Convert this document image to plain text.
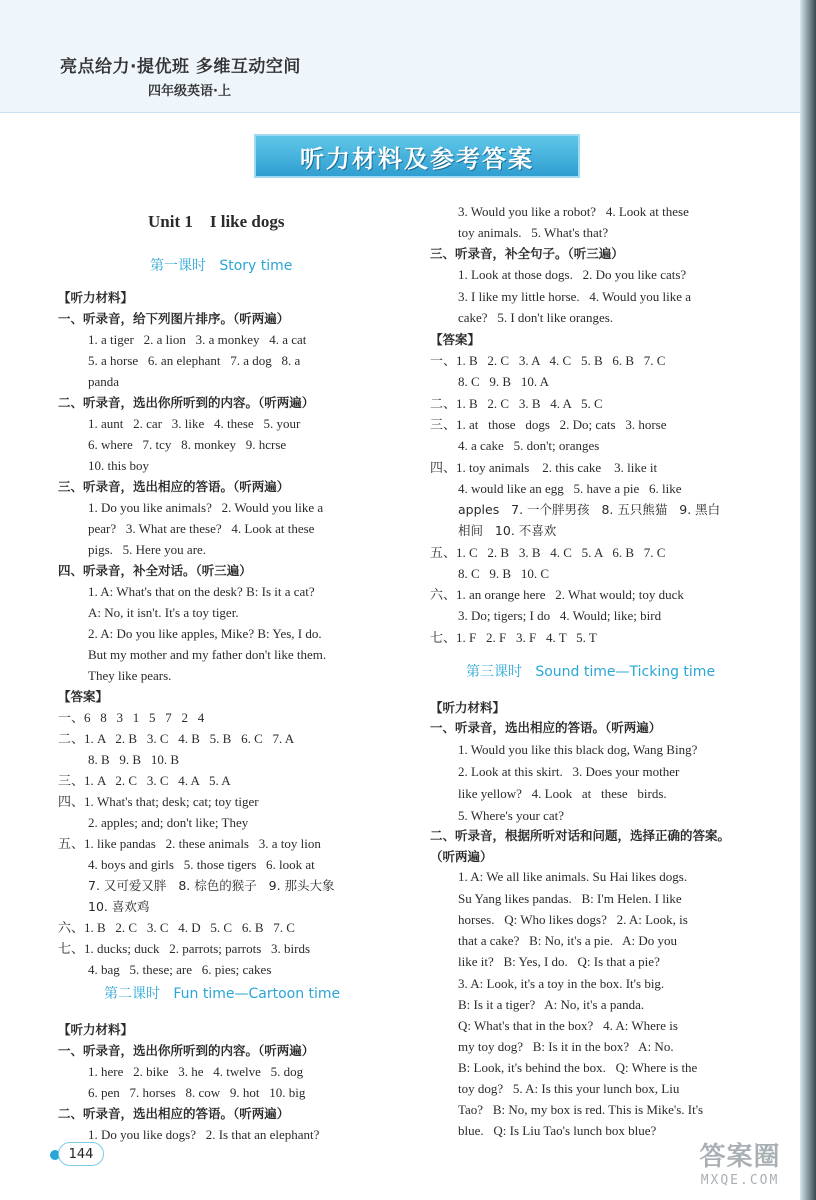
亮点给力·提优班 多维互动空间
四年级英语·上
听力材料及参考答案
Unit 1    I like dogs
第一课时   Story time
第二课时   Fun time—Cartoon time
第三课时   Sound time—Ticking time
【听力材料】
一、听录音，给下列图片排序。（听两遍）
1. a tiger   2. a lion   3. a monkey   4. a cat
5. a horse   6. an elephant   7. a dog   8. a
panda
二、听录音，选出你所听到的内容。（听两遍）
1. aunt   2. car   3. like   4. these   5. your
6. where   7. tcy   8. monkey   9. hcrse
10. this boy
三、听录音，选出相应的答语。（听两遍）
1. Do you like animals?   2. Would you like a
pear?   3. What are these?   4. Look at these
pigs.   5. Here you are.
四、听录音，补全对话。（听三遍）
1. A: What's that on the desk? B: Is it a cat?
A: No, it isn't. It's a toy tiger.
2. A: Do you like apples, Mike? B: Yes, I do.
But my mother and my father don't like them.
They like pears.
【答案】
一、6   8   3   1   5   7   2   4
二、1. A   2. B   3. C   4. B   5. B   6. C   7. A
8. B   9. B   10. B
三、1. A   2. C   3. C   4. A   5. A
四、1. What's that; desk; cat; toy tiger
2. apples; and; don't like; They
五、1. like pandas   2. these animals   3. a toy lion
4. boys and girls   5. those tigers   6. look at
7. 又可爱又胖   8. 棕色的猴子   9. 那头大象
10. 喜欢鸡
六、1. B   2. C   3. C   4. D   5. C   6. B   7. C
七、1. ducks; duck   2. parrots; parrots   3. birds
4. bag   5. these; are   6. pies; cakes
【听力材料】
一、听录音，选出你所听到的内容。（听两遍）
1. here   2. bike   3. he   4. twelve   5. dog
6. pen   7. horses   8. cow   9. hot   10. big
二、听录音，选出相应的答语。（听两遍）
1. Do you like dogs?   2. Is that an elephant?
3. Would you like a robot?   4. Look at these
toy animals.   5. What's that?
三、听录音，补全句子。（听三遍）
1. Look at those dogs.   2. Do you like cats?
3. I like my little horse.   4. Would you like a
cake?   5. I don't like oranges.
【答案】
一、1. B   2. C   3. A   4. C   5. B   6. B   7. C
8. C   9. B   10. A
二、1. B   2. C   3. B   4. A   5. C
三、1. at   those   dogs   2. Do; cats   3. horse
4. a cake   5. don't; oranges
四、1. toy animals    2. this cake    3. like it
4. would like an egg   5. have a pie   6. like
apples   7. 一个胖男孩   8. 五只熊猫   9. 黑白
相间   10. 不喜欢
五、1. C   2. B   3. B   4. C   5. A   6. B   7. C
8. C   9. B   10. C
六、1. an orange here   2. What would; toy duck
3. Do; tigers; I do   4. Would; like; bird
七、1. F   2. F   3. F   4. T   5. T
【听力材料】
一、听录音，选出相应的答语。（听两遍）
1. Would you like this black dog, Wang Bing?
2. Look at this skirt.   3. Does your mother
like yellow?   4. Look   at   these   birds.
5. Where's your cat?
二、听录音，根据所听对话和问题，选择正确的答案。
（听两遍）
1. A: We all like animals. Su Hai likes dogs.
Su Yang likes pandas.   B: I'm Helen. I like
horses.   Q: Who likes dogs?   2. A: Look, is
that a cake?   B: No, it's a pie.   A: Do you
like it?   B: Yes, I do.   Q: Is that a pie?
3. A: Look, it's a toy in the box. It's big.
B: Is it a tiger?   A: No, it's a panda.
Q: What's that in the box?   4. A: Where is
my toy dog?   B: Is it in the box?   A: No.
B: Look, it's behind the box.   Q: Where is the
toy dog?   5. A: Is this your lunch box, Liu
Tao?   B: No, my box is red. This is Mike's. It's
blue.   Q: Is Liu Tao's lunch box blue?
144	答案圈
MXQE.COM
